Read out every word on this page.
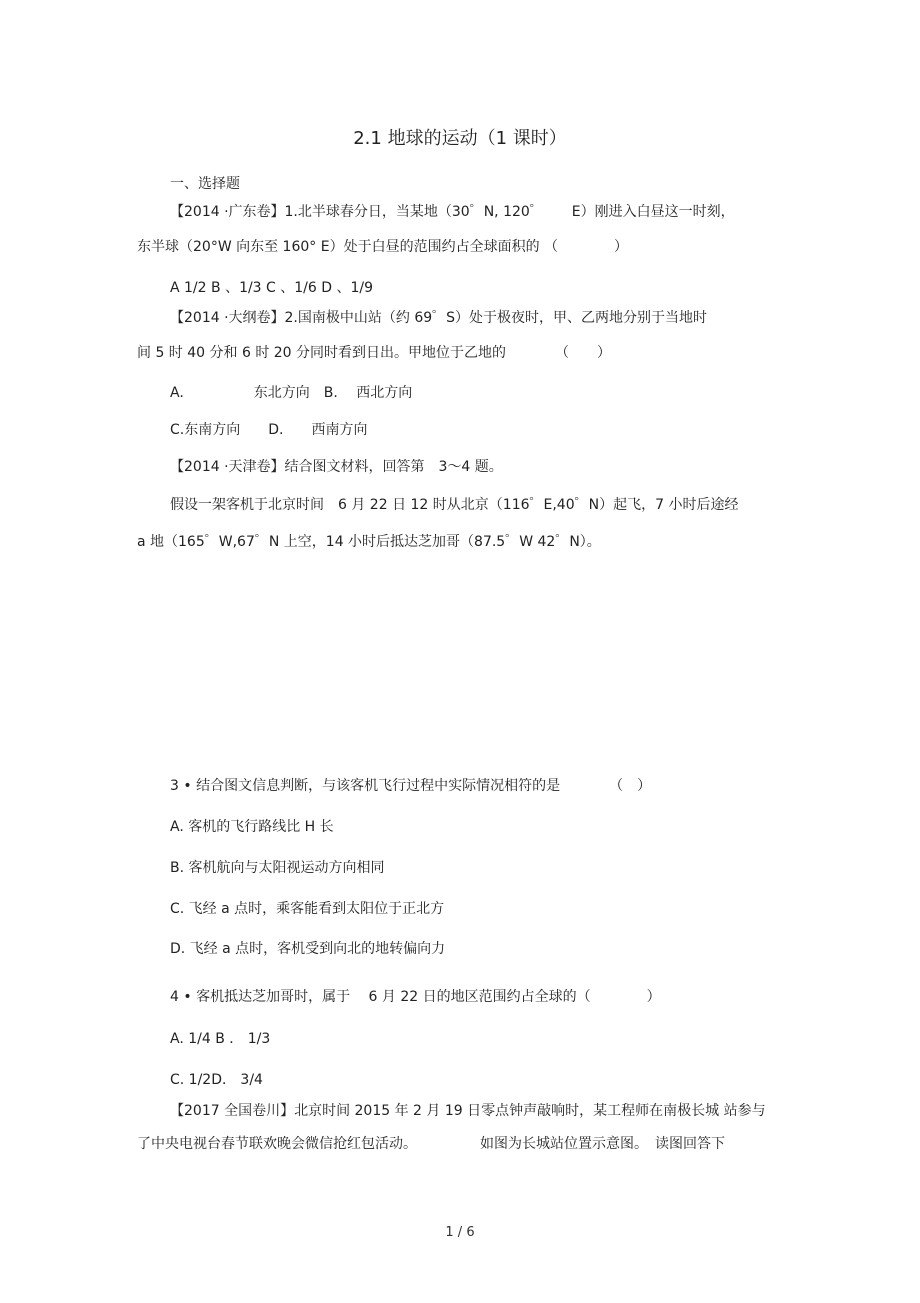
2.1 地球的运动（1 课时）
一、选择题
【2014 ·广东卷】1.北半球春分日，当某地（30゜N, 120゜　　E）刚进入白昼这一时刻，
东半球（20°W 向东至 160° E）处于白昼的范围约占全球面积的 （　　　　）
A 1/2 B 、1/3 C 、1/6 D 、1/9
【2014 ·大纲卷】2.国南极中山站（约 69゜S）处于极夜时，甲、乙两地分别于当地时
间 5 时 40 分和 6 时 20 分同时看到日出。甲地位于乙地的　　　　（　　）
A.　　　　　东北方向　B.　 西北方向
C.东南方向　　D.　　西南方向
【2014 ·天津卷】结合图文材料，回答第　3～4 题。
假设一架客机于北京时间　6 月 22 日 12 时从北京（116゜E,40゜N）起飞，7 小时后途经
a 地（165゜W,67゜N 上空，14 小时后抵达芝加哥（87.5゜W 42゜N）。
3 • 结合图文信息判断，与该客机飞行过程中实际情况相符的是　　　　（　）
A. 客机的飞行路线比 H 长
B. 客机航向与太阳视运动方向相同
C. 飞经 a 点时，乘客能看到太阳位于正北方
D. 飞经 a 点时，客机受到向北的地转偏向力
4 • 客机抵达芝加哥时，属于　 6 月 22 日的地区范围约占全球的（　　　　）
A. 1/4 B ． 1/3
C. 1/2D． 3/4
【2017 全国卷川】北京时间 2015 年 2 月 19 日零点钟声敲响时，某工程师在南极长城 站参与
了中央电视台春节联欢晚会微信抢红包活动。　　　　　如图为长城站位置示意图。　读图回答下
1 / 6
